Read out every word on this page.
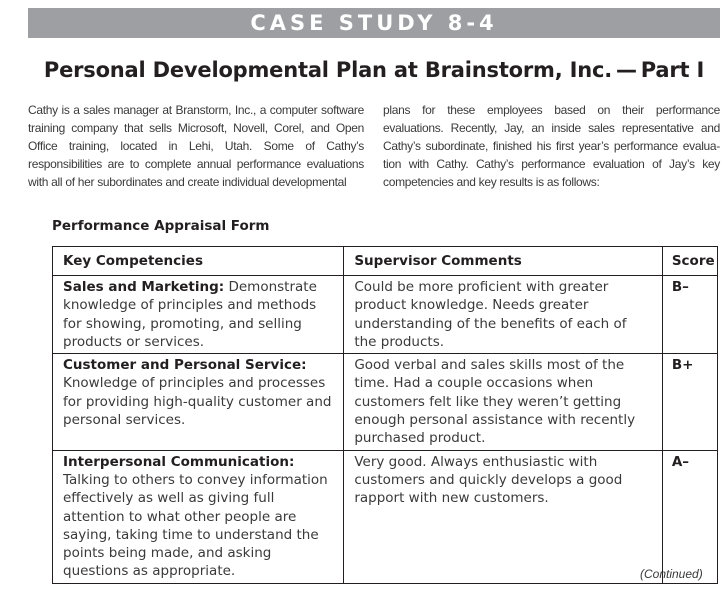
CASE STUDY 8-4
Personal Developmental Plan at Brainstorm, Inc. — Part I
Cathy is a sales manager at Branstorm, Inc., a computer software training company that sells Microsoft, Novell, Corel, and Open Office training, located in Lehi, Utah. Some of Cathy’s responsibilities are to complete annual performance evaluations with all of her subordinates and create individual developmental
plans for these employees based on their performance evaluations. Recently, Jay, an inside sales representative and Cathy’s subordinate, finished his first year’s performance evalua-tion with Cathy. Cathy’s performance evaluation of Jay’s key competencies and key results is as follows:
Performance Appraisal Form
Key Competencies	Supervisor Comments	Score
Sales and Marketing: Demonstrate knowledge of principles and methods for showing, promoting, and selling products or services.	Could be more proficient with greater product knowledge. Needs greater understanding of the benefits of each of the products.	B–
Customer and Personal Service: Knowledge of principles and processes for providing high-quality customer and personal services.	Good verbal and sales skills most of the time. Had a couple occasions when customers felt like they weren’t getting enough personal assistance with recently purchased product.	B+
Interpersonal Communication: Talking to others to convey information effectively as well as giving full attention to what other people are saying, taking time to understand the points being made, and asking questions as appropriate.	Very good. Always enthusiastic with customers and quickly develops a good rapport with new customers.	A–
(Continued)
